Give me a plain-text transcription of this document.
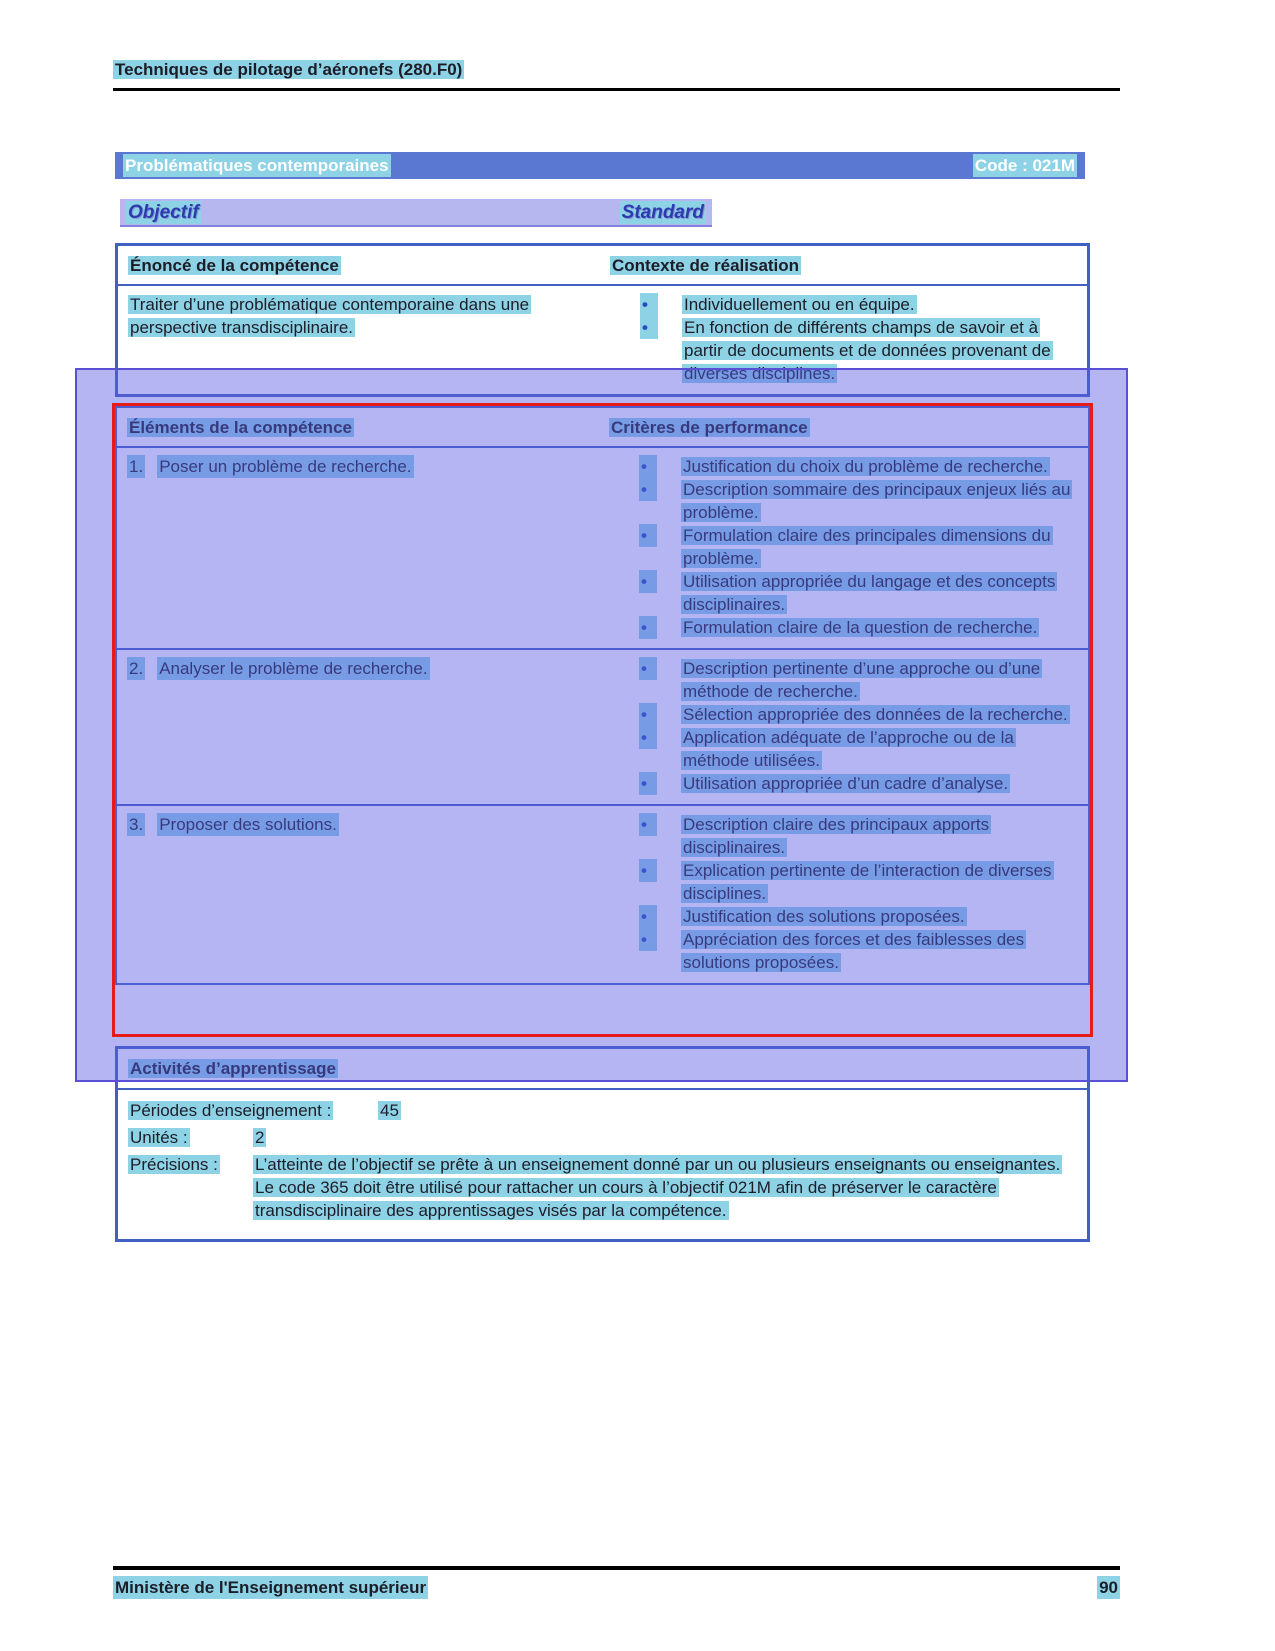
Techniques de pilotage d’aéronefs (280.F0)
Problématiques contemporaines	Code : 021M
Objectif	Standard
Énoncé de la compétence	Contexte de réalisation
Traiter d’une problématique contemporaine dans une perspective transdisciplinaire.
•	Individuellement ou en équipe.
•	En fonction de différents champs de savoir et à partir de documents et de données provenant de diverses disciplines.
Éléments de la compétence	Critères de performance
1. Poser un problème de recherche.	•	Justification du choix du problème de recherche.
•	Description sommaire des principaux enjeux liés au problème.
•	Formulation claire des principales dimensions du problème.
•	Utilisation appropriée du langage et des concepts disciplinaires.
•	Formulation claire de la question de recherche.
2. Analyser le problème de recherche.	•	Description pertinente d’une approche ou d’une méthode de recherche.
•	Sélection appropriée des données de la recherche.
•	Application adéquate de l’approche ou de la méthode utilisées.
•	Utilisation appropriée d’un cadre d’analyse.
3. Proposer des solutions.	•	Description claire des principaux apports disciplinaires.
•	Explication pertinente de l’interaction de diverses disciplines.
•	Justification des solutions proposées.
•	Appréciation des forces et des faiblesses des solutions proposées.
Activités d’apprentissage
Périodes d’enseignement :	45
Unités :	2
Précisions :	L’atteinte de l’objectif se prête à un enseignement donné par un ou plusieurs enseignants ou enseignantes.
Le code 365 doit être utilisé pour rattacher un cours à l’objectif 021M afin de préserver le caractère transdisciplinaire des apprentissages visés par la compétence.
Ministère de l'Enseignement supérieur	90
